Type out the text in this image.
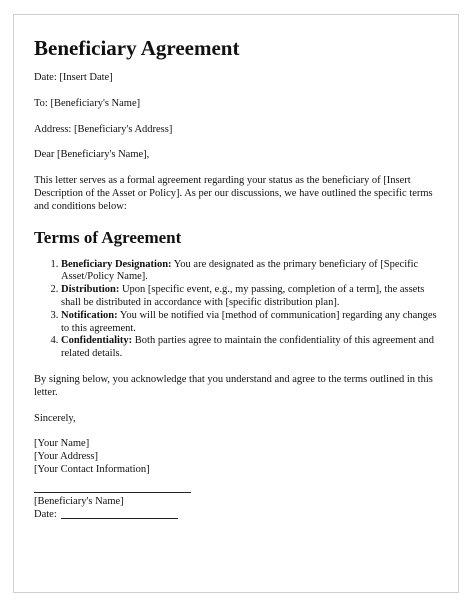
Beneficiary Agreement

Date: [Insert Date]

To: [Beneficiary's Name]

Address: [Beneficiary's Address]

Dear [Beneficiary's Name],

This letter serves as a formal agreement regarding your status as the beneficiary of [Insert Description of the Asset or Policy]. As per our discussions, we have outlined the specific terms and conditions below:

Terms of Agreement
1. Beneficiary Designation: You are designated as the primary beneficiary of [Specific Asset/Policy Name].
2. Distribution: Upon [specific event, e.g., my passing, completion of a term], the assets shall be distributed in accordance with [specific distribution plan].
3. Notification: You will be notified via [method of communication] regarding any changes to this agreement.
4. Confidentiality: Both parties agree to maintain the confidentiality of this agreement and related details.

By signing below, you acknowledge that you understand and agree to the terms outlined in this letter.

Sincerely,

[Your Name]
[Your Address]
[Your Contact Information]
[Beneficiary's Name]
Date:
